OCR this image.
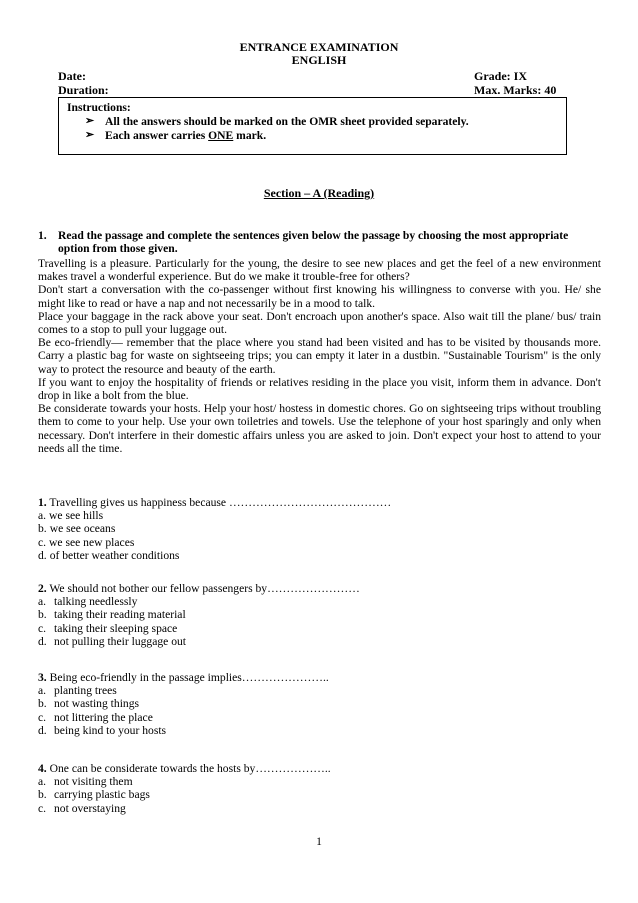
ENTRANCE EXAMINATION
ENGLISH
Date:	Grade: IX
Duration:	Max. Marks: 40
Instructions:
➢ All the answers should be marked on the OMR sheet provided separately.
➢ Each answer carries ONE mark.
Section – A (Reading)
1. Read the passage and complete the sentences given below the passage by choosing the most appropriate option from those given.

Travelling is a pleasure. Particularly for the young, the desire to see new places and get the feel of a new environment makes travel a wonderful experience. But do we make it trouble-free for others?

Don't start a conversation with the co-passenger without first knowing his willingness to converse with you. He/ she might like to read or have a nap and not necessarily be in a mood to talk.

Place your baggage in the rack above your seat. Don't encroach upon another's space. Also wait till the plane/ bus/ train comes to a stop to pull your luggage out.

Be eco-friendly— remember that the place where you stand had been visited and has to be visited by thousands more. Carry a plastic bag for waste on sightseeing trips; you can empty it later in a dustbin. "Sustainable Tourism" is the only way to protect the resource and beauty of the earth.

If you want to enjoy the hospitality of friends or relatives residing in the place you visit, inform them in advance. Don't drop in like a bolt from the blue.

Be considerate towards your hosts. Help your host/ hostess in domestic chores. Go on sightseeing trips without troubling them to come to your help. Use your own toiletries and towels. Use the telephone of your host sparingly and only when necessary. Don't interfere in their domestic affairs unless you are asked to join. Don't expect your host to attend to your needs all the time.

1. Travelling gives us happiness because ……………………………………
a. we see hills
b. we see oceans
c. we see new places
d. of better weather conditions
2. We should not bother our fellow passengers by……………………
a. talking needlessly
b. taking their reading material
c. taking their sleeping space
d. not pulling their luggage out
3. Being eco-friendly in the passage implies…………………..
a. planting trees
b. not wasting things
c. not littering the place
d. being kind to your hosts
4. One can be considerate towards the hosts by………………..
a. not visiting them
b. carrying plastic bags
c. not overstaying
1
